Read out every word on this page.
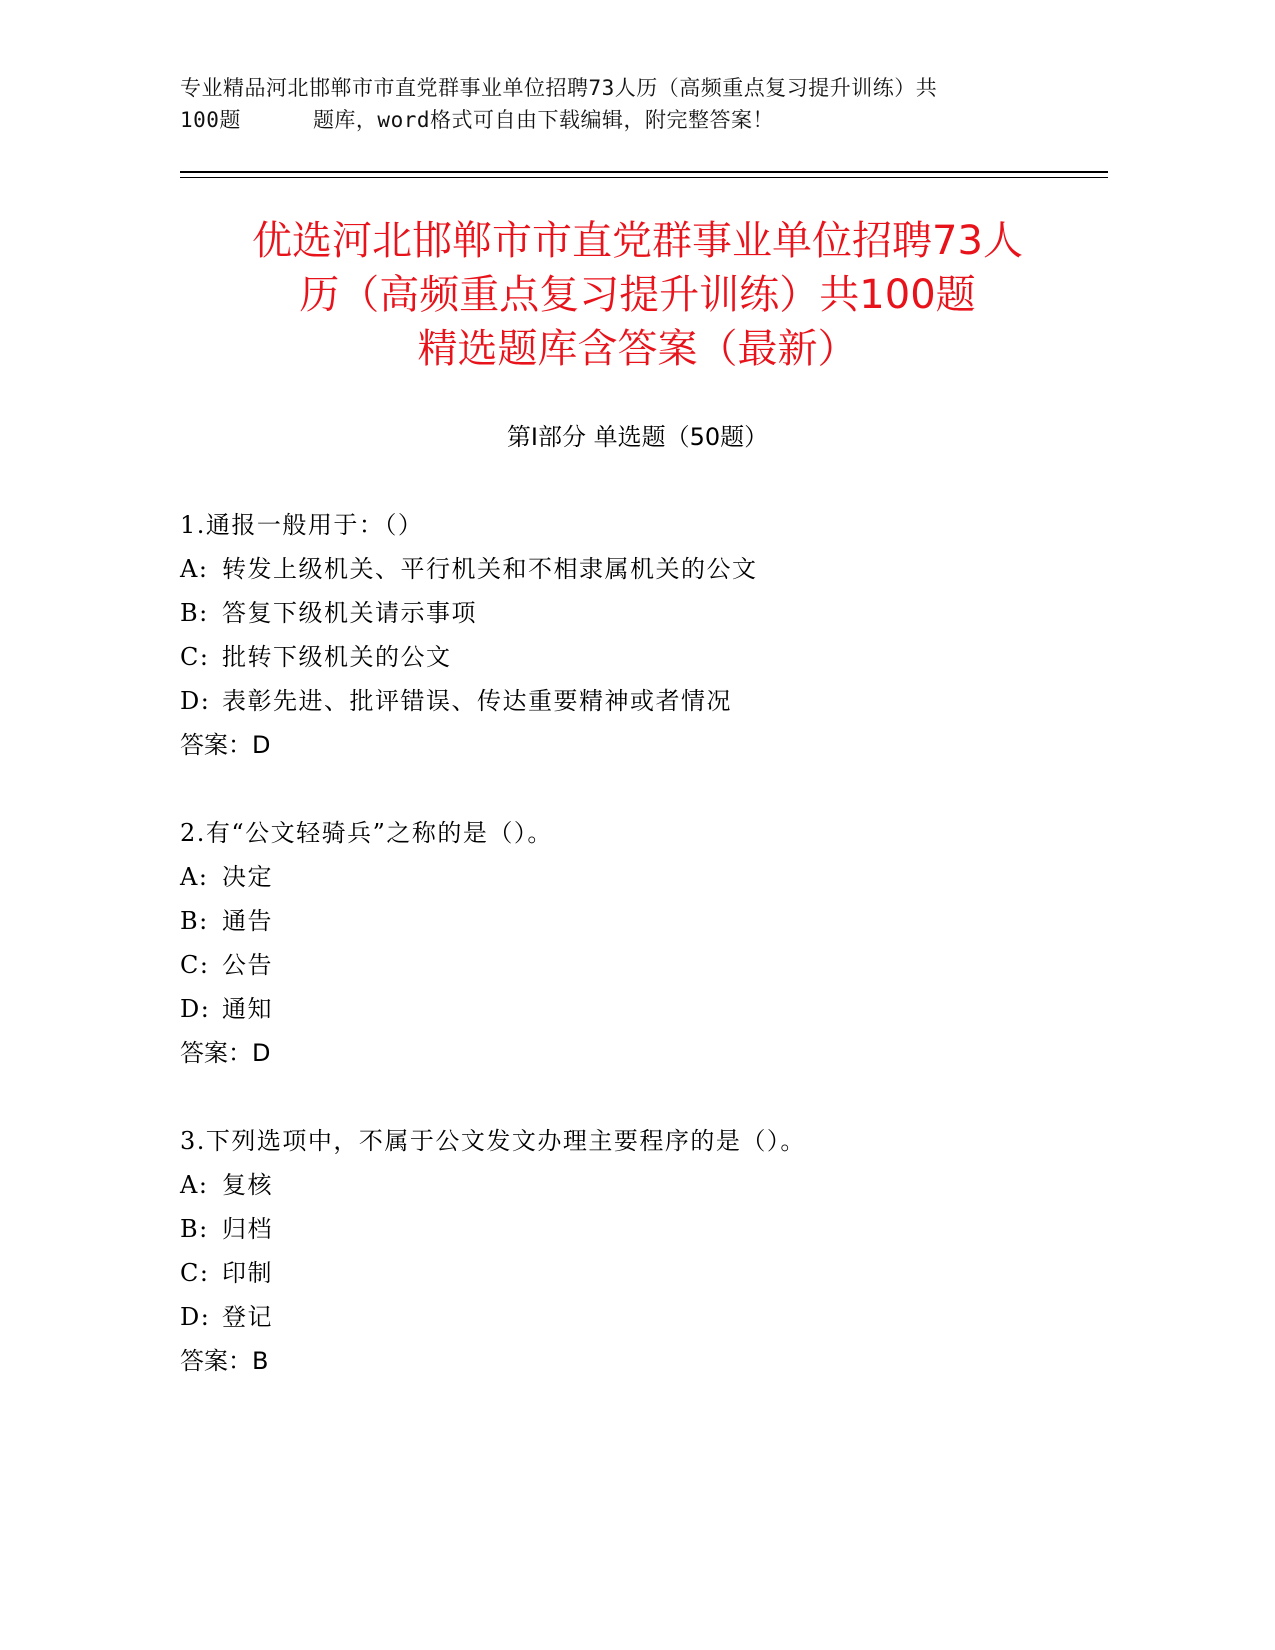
专业精品河北邯郸市市直党群事业单位招聘73人历（高频重点复习提升训练）共
100题	题库，word格式可自由下载编辑，附完整答案！
优选河北邯郸市市直党群事业单位招聘73人
历（高频重点复习提升训练）共100题
精选题库含答案（最新）
第Ⅰ部分 单选题（50题）
1.通报一般用于：（）
A: 转发上级机关、平行机关和不相隶属机关的公文
B: 答复下级机关请示事项
C: 批转下级机关的公文
D: 表彰先进、批评错误、传达重要精神或者情况
答案：D
2.有“公文轻骑兵”之称的是（）。
A: 决定
B: 通告
C: 公告
D: 通知
答案：D
3.下列选项中，不属于公文发文办理主要程序的是（）。
A: 复核
B: 归档
C: 印制
D: 登记
答案：B
